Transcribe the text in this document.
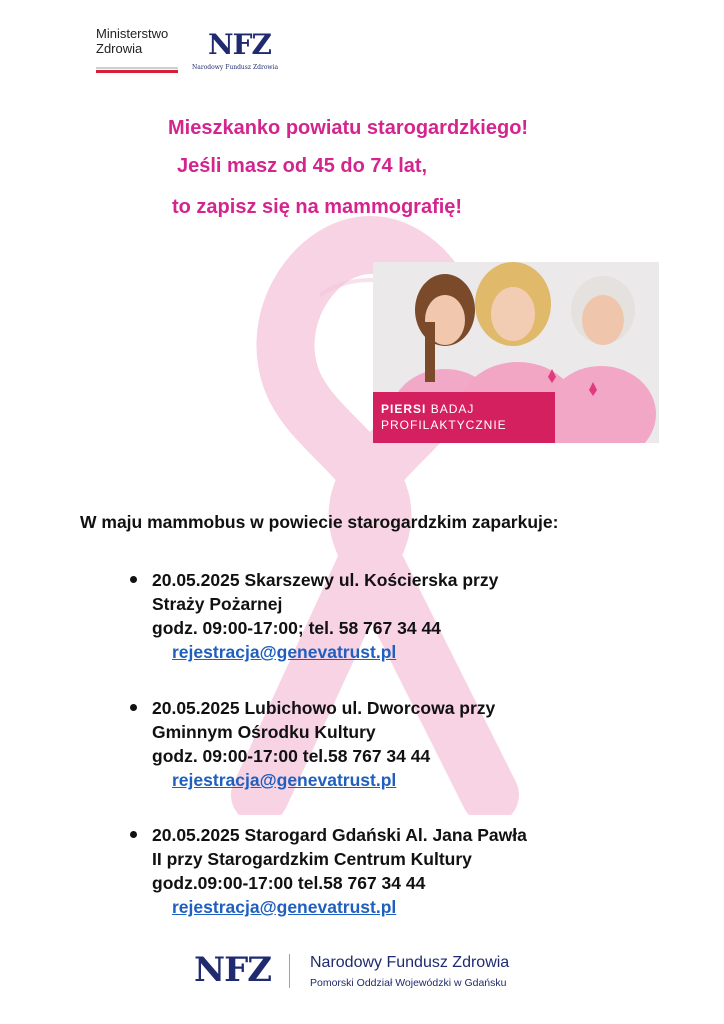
Ministerstwo
Zdrowia	NFZ
Narodowy Fundusz Zdrowia
Mieszkanko powiatu starogardzkiego!
Jeśli masz od 45 do 74 lat,
to zapisz się na mammografię!
PIERSI BADAJ
PROFILAKTYCZNIE
W maju mammobus w powiecie starogardzkim zaparkuje:
20.05.2025 Skarszewy ul. Kościerska przy
Straży Pożarnej
godz. 09:00-17:00; tel. 58 767 34 44
rejestracja@genevatrust.pl
20.05.2025 Lubichowo ul. Dworcowa przy
Gminnym Ośrodku Kultury
godz. 09:00-17:00 tel.58 767 34 44
rejestracja@genevatrust.pl
20.05.2025 Starogard Gdański Al. Jana Pawła
II przy Starogardzkim Centrum Kultury
godz.09:00-17:00 tel.58 767 34 44
rejestracja@genevatrust.pl
NFZ Narodowy Fundusz Zdrowia
Pomorski Oddział Wojewódzki w Gdańsku
